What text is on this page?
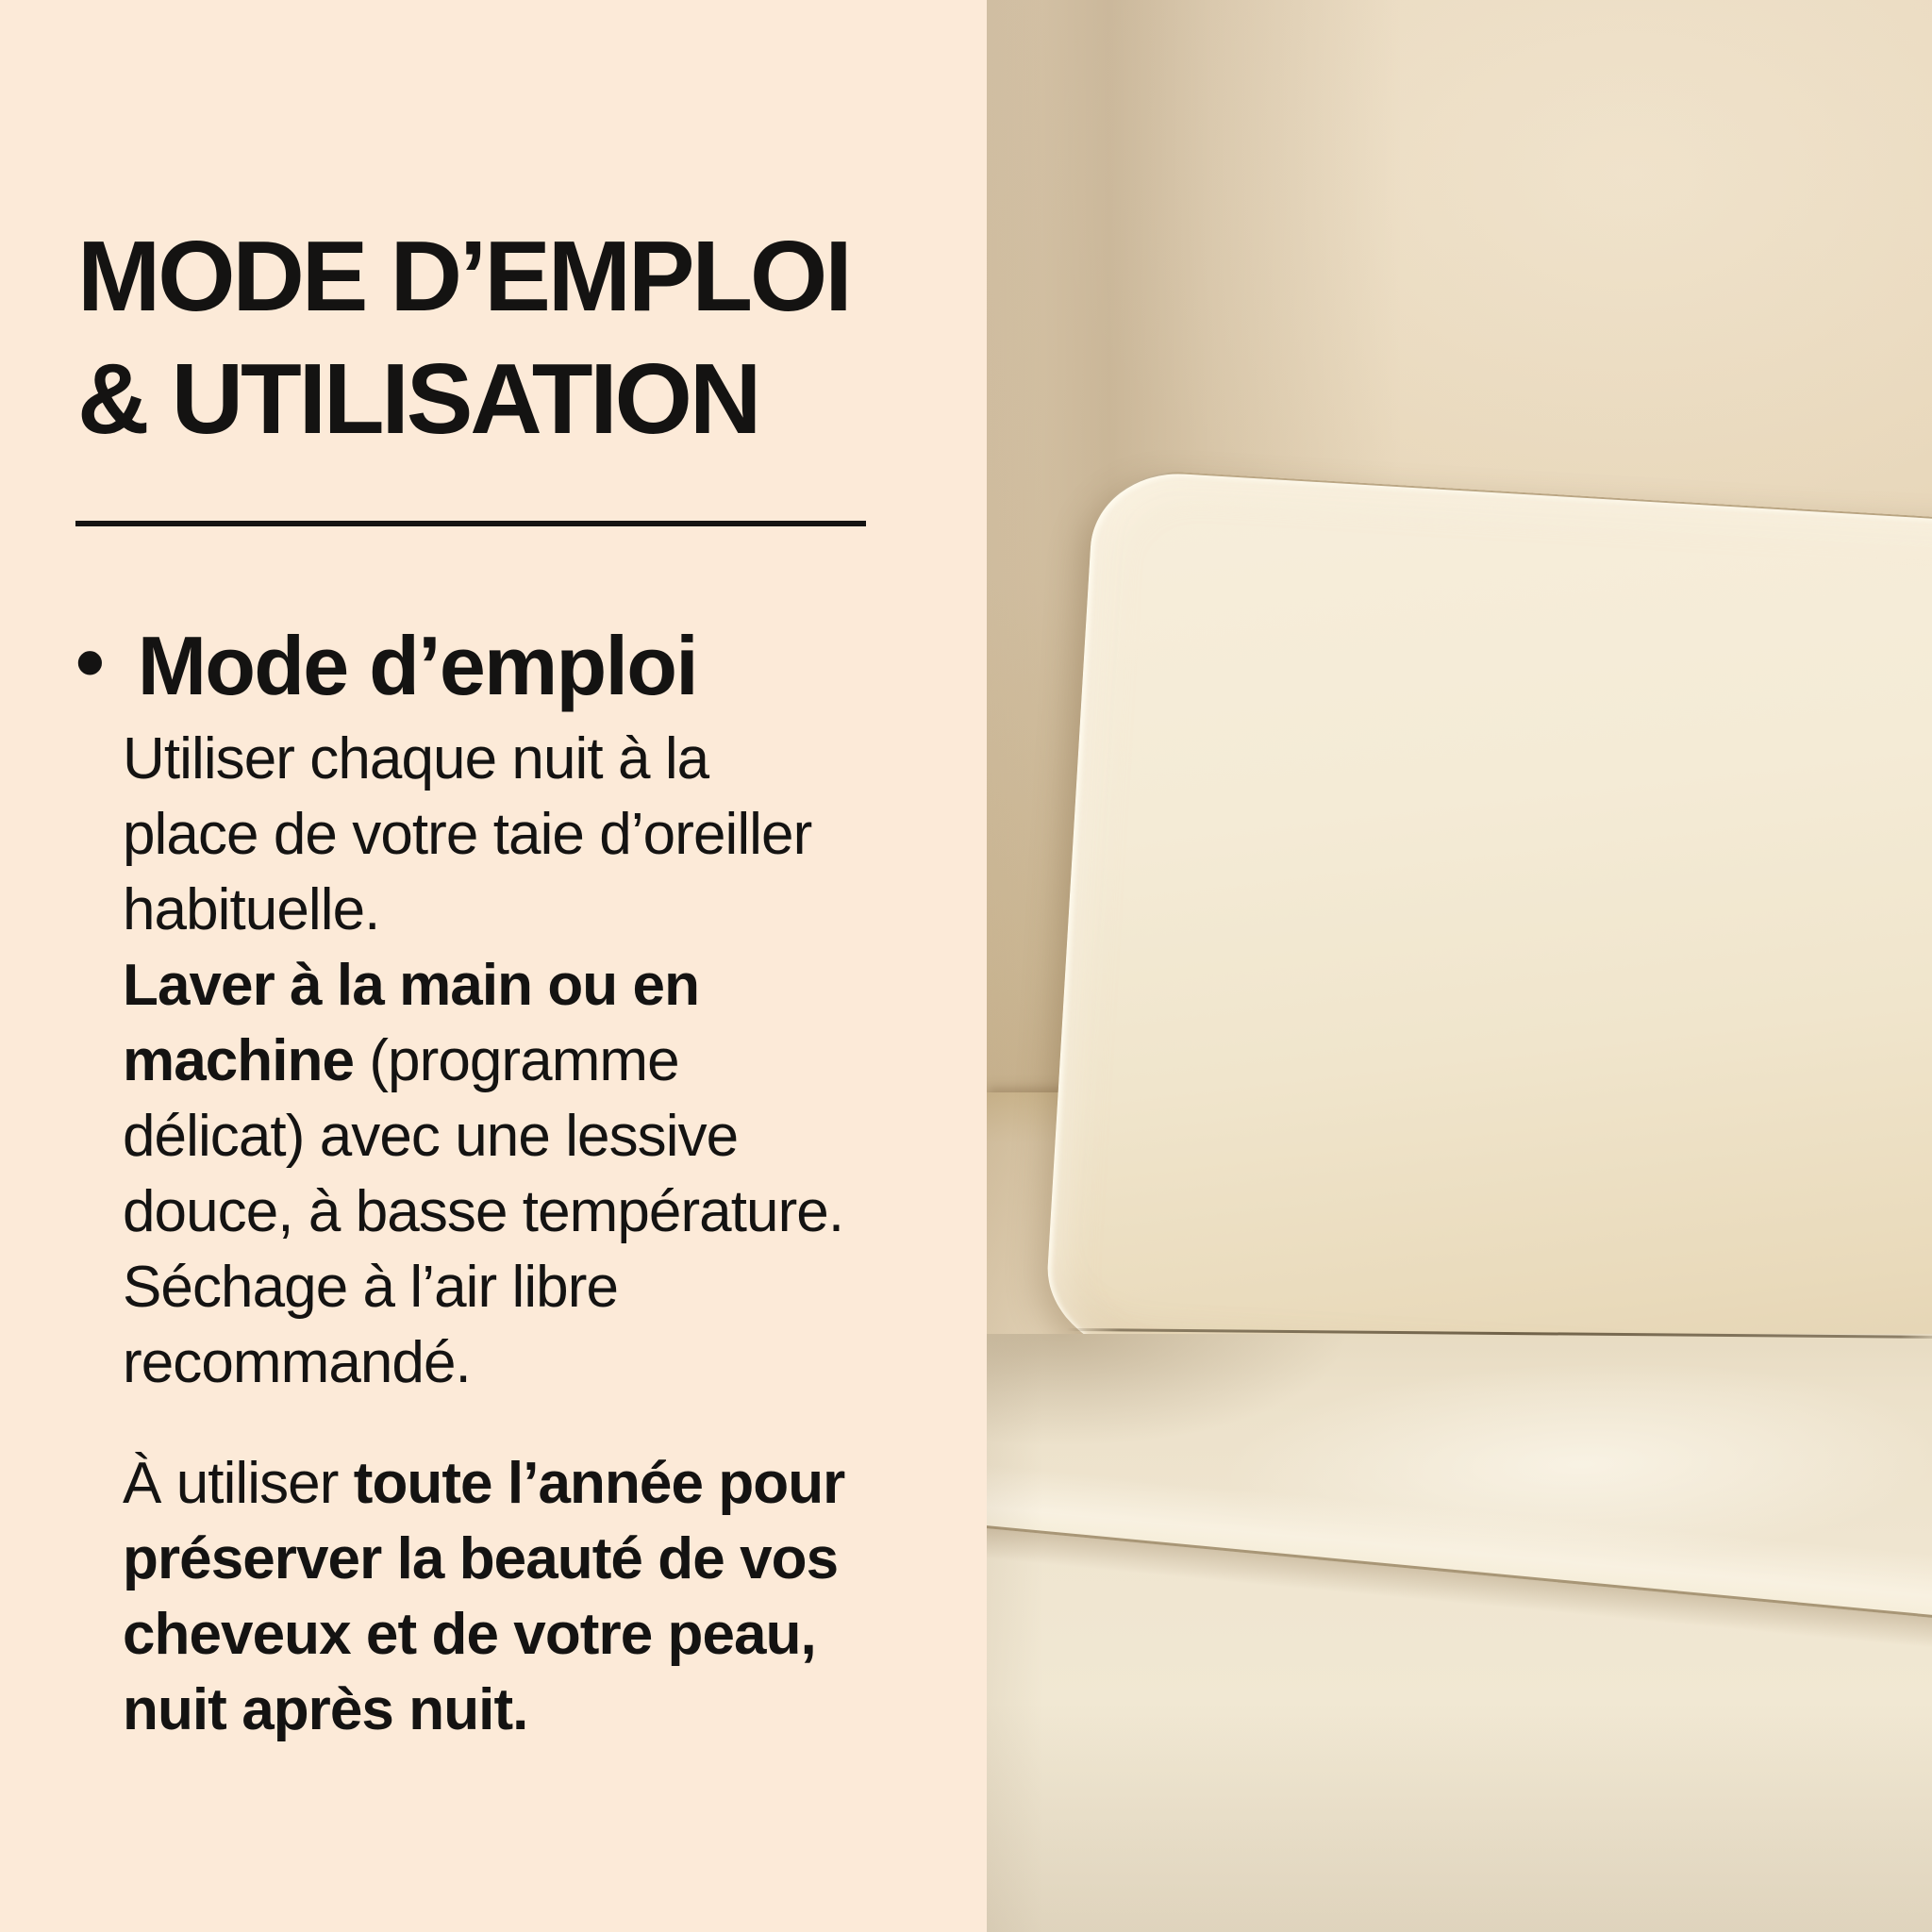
MODE D’EMPLOI
& UTILISATION
• Mode d’emploi
Utiliser chaque nuit à la
place de votre taie d’oreiller
habituelle.
Laver à la main ou en
machine (programme
délicat) avec une lessive
douce, à basse température.
Séchage à l’air libre
recommandé.
À utiliser toute l’année pour
préserver la beauté de vos
cheveux et de votre peau,
nuit après nuit.
